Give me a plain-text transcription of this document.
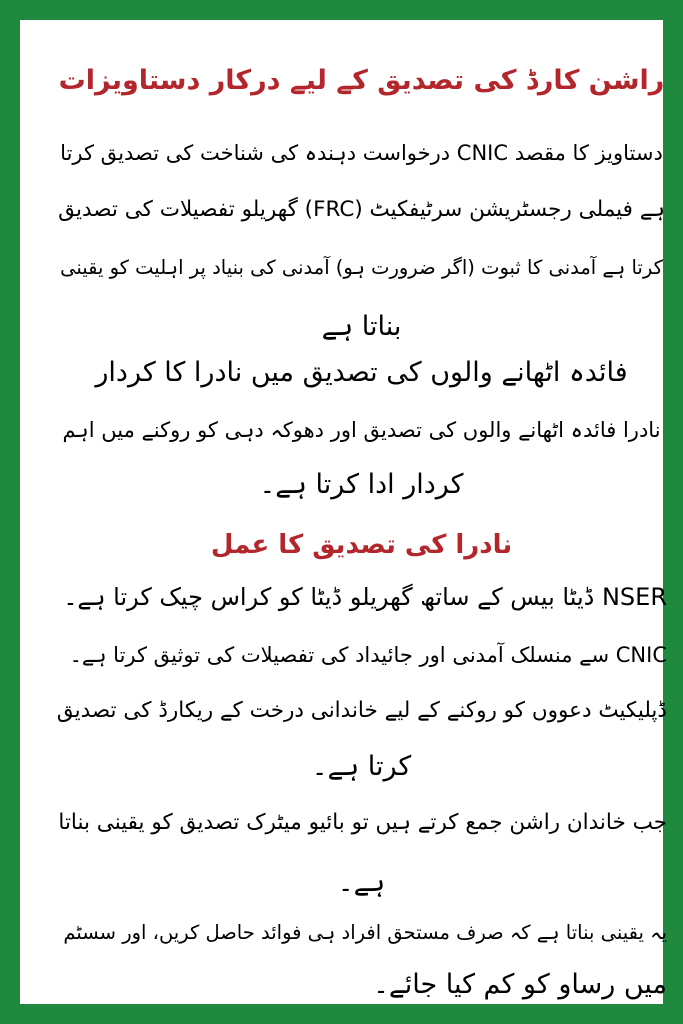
راشن کارڈ کی تصدیق کے لیے درکار دستاویزات
دستاویز کا مقصد CNIC درخواست دہندہ کی شناخت کی تصدیق کرتا
ہے فیملی رجسٹریشن سرٹیفکیٹ (FRC) گھریلو تفصیلات کی تصدیق
کرتا ہے آمدنی کا ثبوت (اگر ضرورت ہو) آمدنی کی بنیاد پر اہلیت کو یقینی
بناتا ہے
فائدہ اٹھانے والوں کی تصدیق میں نادرا کا کردار
نادرا فائدہ اٹھانے والوں کی تصدیق اور دھوکہ دہی کو روکنے میں اہم
کردار ادا کرتا ہے۔
نادرا کی تصدیق کا عمل
NSER ڈیٹا بیس کے ساتھ گھریلو ڈیٹا کو کراس چیک کرتا ہے۔
CNIC سے منسلک آمدنی اور جائیداد کی تفصیلات کی توثیق کرتا ہے۔
ڈپلیکیٹ دعووں کو روکنے کے لیے خاندانی درخت کے ریکارڈ کی تصدیق
کرتا ہے۔
جب خاندان راشن جمع کرتے ہیں تو بائیو میٹرک تصدیق کو یقینی بناتا
ہے۔
یہ یقینی بناتا ہے کہ صرف مستحق افراد ہی فوائد حاصل کریں، اور سسٹم
میں رساو کو کم کیا جائے۔
